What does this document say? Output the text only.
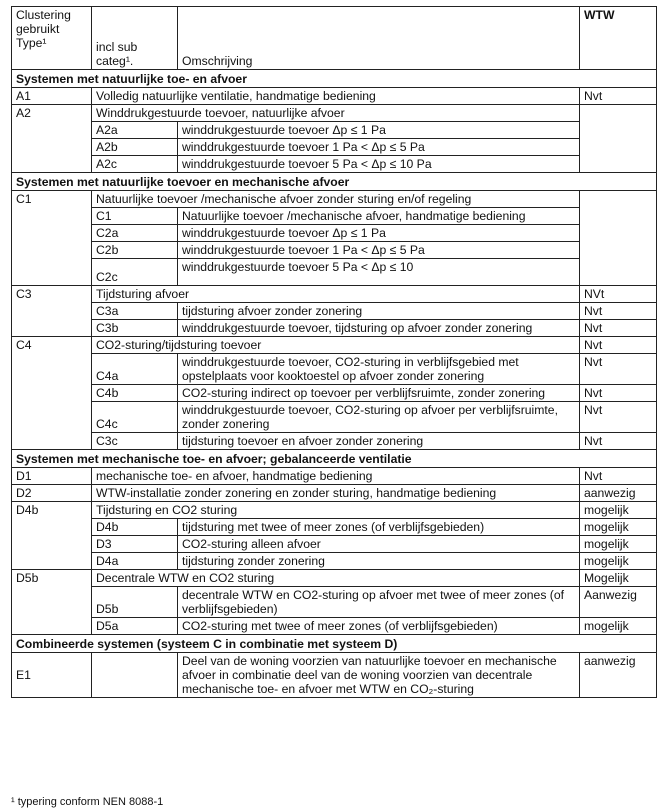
Clustering gebruikt Type¹	incl sub categ¹.	Omschrijving	WTW
Systemen met natuurlijke toe- en afvoer			
A1	Volledig natuurlijke ventilatie, handmatige bediening		Nvt
A2	Winddrukgestuurde toevoer, natuurlijke afvoer		
	A2a	winddrukgestuurde toevoer Δp ≤ 1 Pa	
	A2b	winddrukgestuurde toevoer 1 Pa < Δp ≤ 5 Pa	
	A2c	winddrukgestuurde toevoer 5 Pa < Δp ≤ 10 Pa	
Systemen met natuurlijke toevoer en mechanische afvoer			
C1	Natuurlijke toevoer /mechanische afvoer zonder sturing en/of regeling		
	C1	Natuurlijke toevoer /mechanische afvoer, handmatige bediening	
	C2a	winddrukgestuurde toevoer Δp ≤ 1 Pa	
	C2b	winddrukgestuurde toevoer 1 Pa < Δp ≤ 5 Pa	
	C2c	winddrukgestuurde toevoer 5 Pa < Δp ≤ 10	
C3	Tijdsturing afvoer		NVt
	C3a	tijdsturing afvoer zonder zonering	Nvt
	C3b	winddrukgestuurde toevoer, tijdsturing op afvoer zonder zonering	Nvt
C4	CO2-sturing/tijdsturing toevoer		Nvt
	C4a	winddrukgestuurde toevoer, CO2-sturing in verblijfsgebied met opstelplaats voor kooktoestel op afvoer zonder zonering	Nvt
	C4b	CO2-sturing indirect op toevoer per verblijfsruimte, zonder zonering	Nvt
	C4c	winddrukgestuurde toevoer, CO2-sturing op afvoer per verblijfsruimte, zonder zonering	Nvt
	C3c	tijdsturing toevoer en afvoer zonder zonering	Nvt
Systemen met mechanische toe- en afvoer; gebalanceerde ventilatie			
D1	mechanische toe- en afvoer, handmatige bediening		Nvt
D2	WTW-installatie zonder zonering en zonder sturing, handmatige bediening		aanwezig
D4b	Tijdsturing en CO2 sturing		mogelijk
	D4b	tijdsturing met twee of meer zones (of verblijfsgebieden)	mogelijk
	D3	CO2-sturing alleen afvoer	mogelijk
	D4a	tijdsturing zonder zonering	mogelijk
D5b	Decentrale WTW en CO2 sturing		Mogelijk
	D5b	decentrale WTW en CO2-sturing op afvoer met twee of meer zones (of verblijfsgebieden)	Aanwezig
	D5a	CO2-sturing met twee of meer zones (of verblijfsgebieden)	mogelijk
Combineerde systemen (systeem C in combinatie met systeem D)			
E1		Deel van de woning voorzien van natuurlijke toevoer en mechanische afvoer in combinatie deel van de woning voorzien van decentrale mechanische toe- en afvoer met WTW en CO₂-sturing	aanwezig
¹ typering conform NEN 8088-1
